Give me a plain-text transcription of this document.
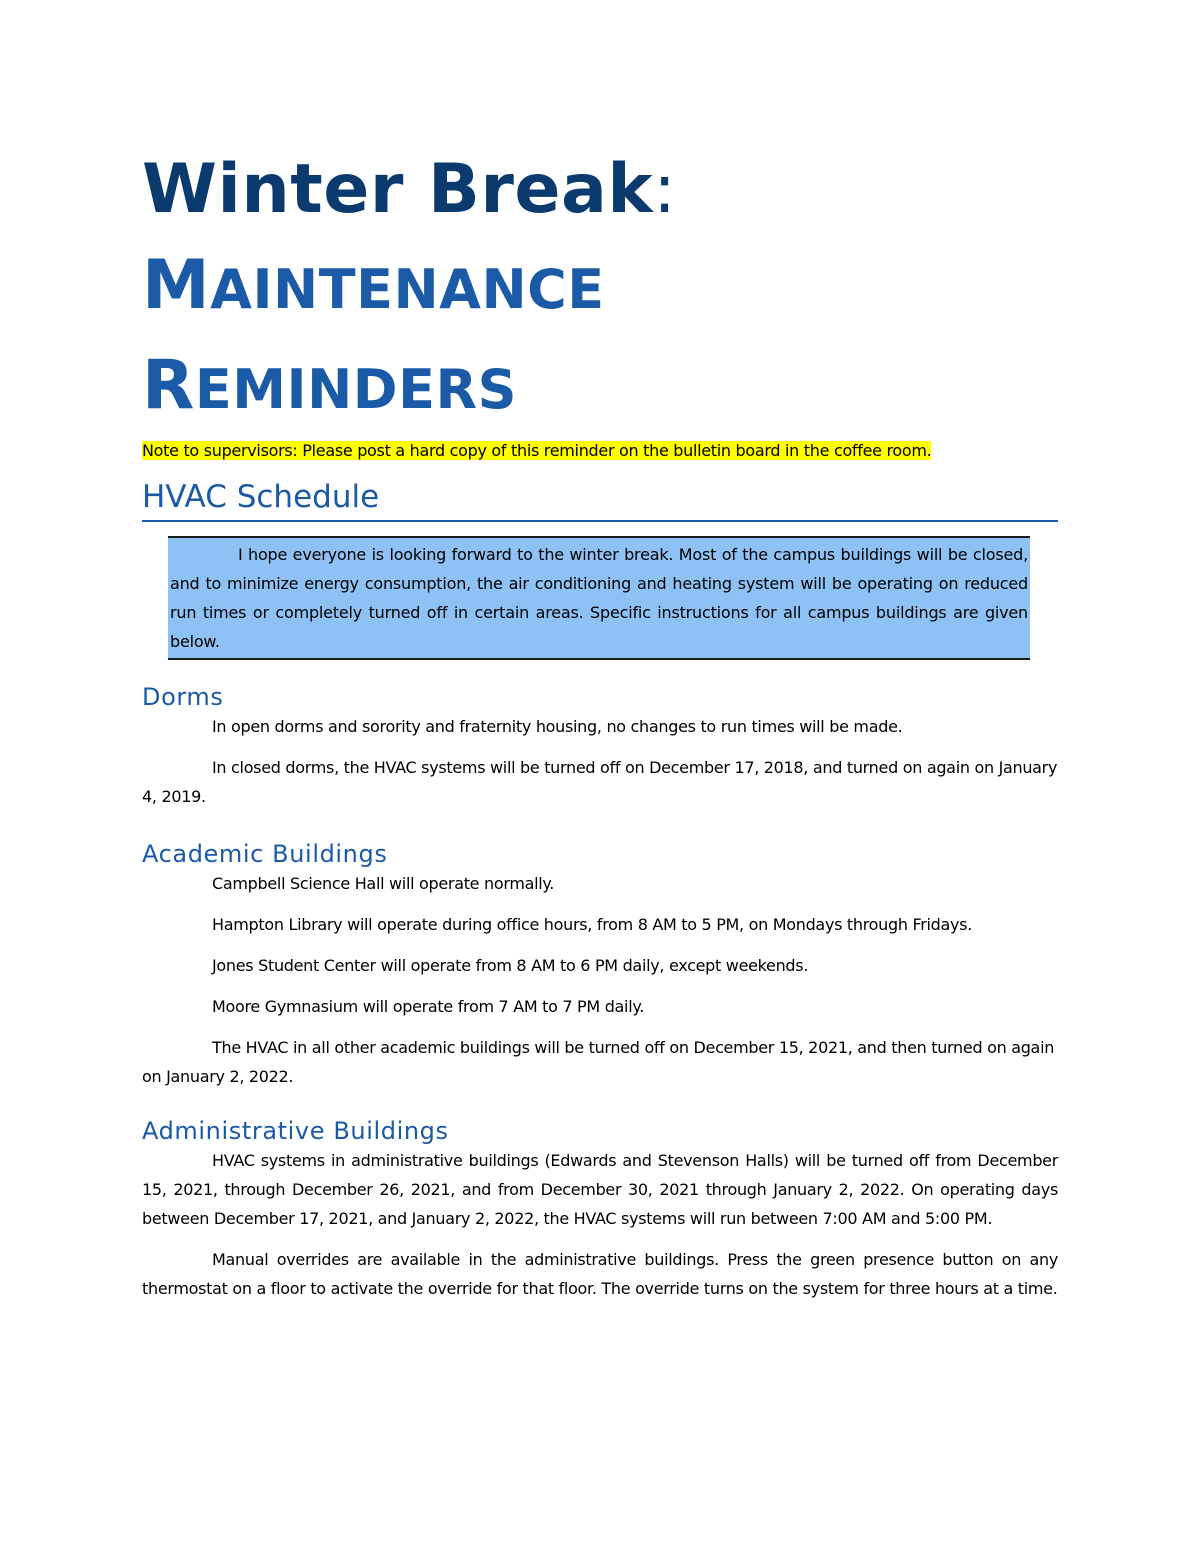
Winter Break:
MAINTENANCE
REMINDERS
Note to supervisors: Please post a hard copy of this reminder on the bulletin board in the coffee room.
HVAC Schedule
I hope everyone is looking forward to the winter break. Most of the campus buildings will be closed, and to minimize energy consumption, the air conditioning and heating system will be operating on reduced run times or completely turned off in certain areas. Specific instructions for all campus buildings are given below.
Dorms

In open dorms and sorority and fraternity housing, no changes to run times will be made.

In closed dorms, the HVAC systems will be turned off on December 17, 2018, and turned on again on January 4, 2019.

Academic Buildings

Campbell Science Hall will operate normally.

Hampton Library will operate during office hours, from 8 AM to 5 PM, on Mondays through Fridays.

Jones Student Center will operate from 8 AM to 6 PM daily, except weekends.

Moore Gymnasium will operate from 7 AM to 7 PM daily.

The HVAC in all other academic buildings will be turned off on December 15, 2021, and then turned on again on January 2, 2022.

Administrative Buildings

HVAC systems in administrative buildings (Edwards and Stevenson Halls) will be turned off from December 15, 2021, through December 26, 2021, and from December 30, 2021 through January 2, 2022. On operating days between December 17, 2021, and January 2, 2022, the HVAC systems will run between 7:00 AM and 5:00 PM.

Manual overrides are available in the administrative buildings. Press the green presence button on any thermostat on a floor to activate the override for that floor. The override turns on the system for three hours at a time.
